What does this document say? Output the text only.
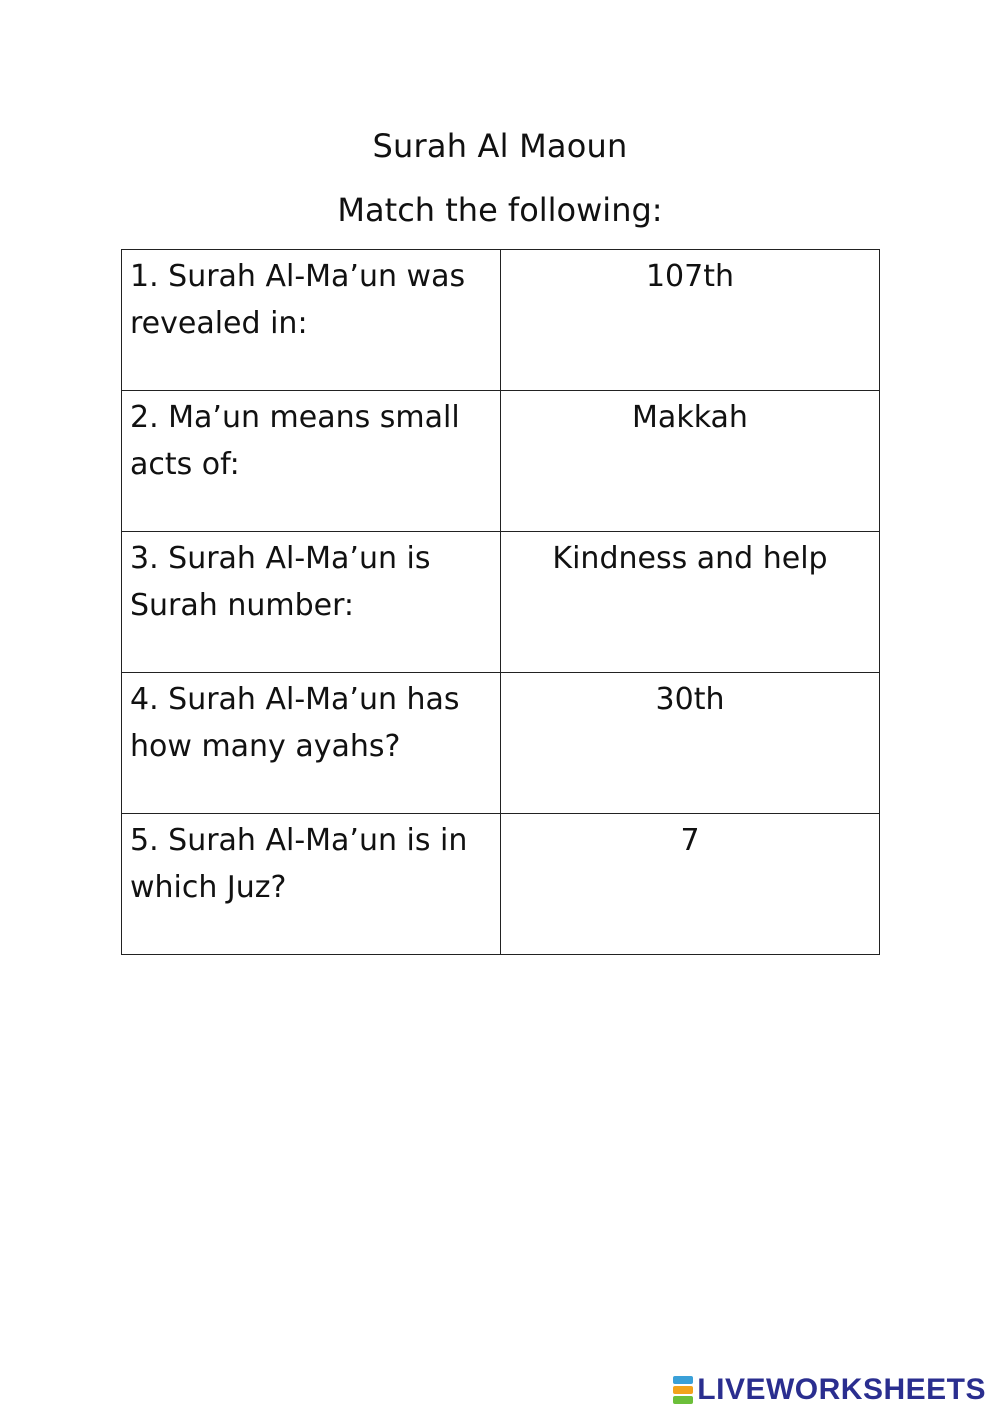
Surah Al Maoun
Match the following:
1. Surah Al-Ma’un was revealed in:	107th
2. Ma’un means small acts of:	Makkah
3. Surah Al-Ma’un is Surah number:	Kindness and help
4. Surah Al-Ma’un has how many ayahs?	30th
5. Surah Al-Ma’un is in which Juz?	7
LIVEWORKSHEETS
